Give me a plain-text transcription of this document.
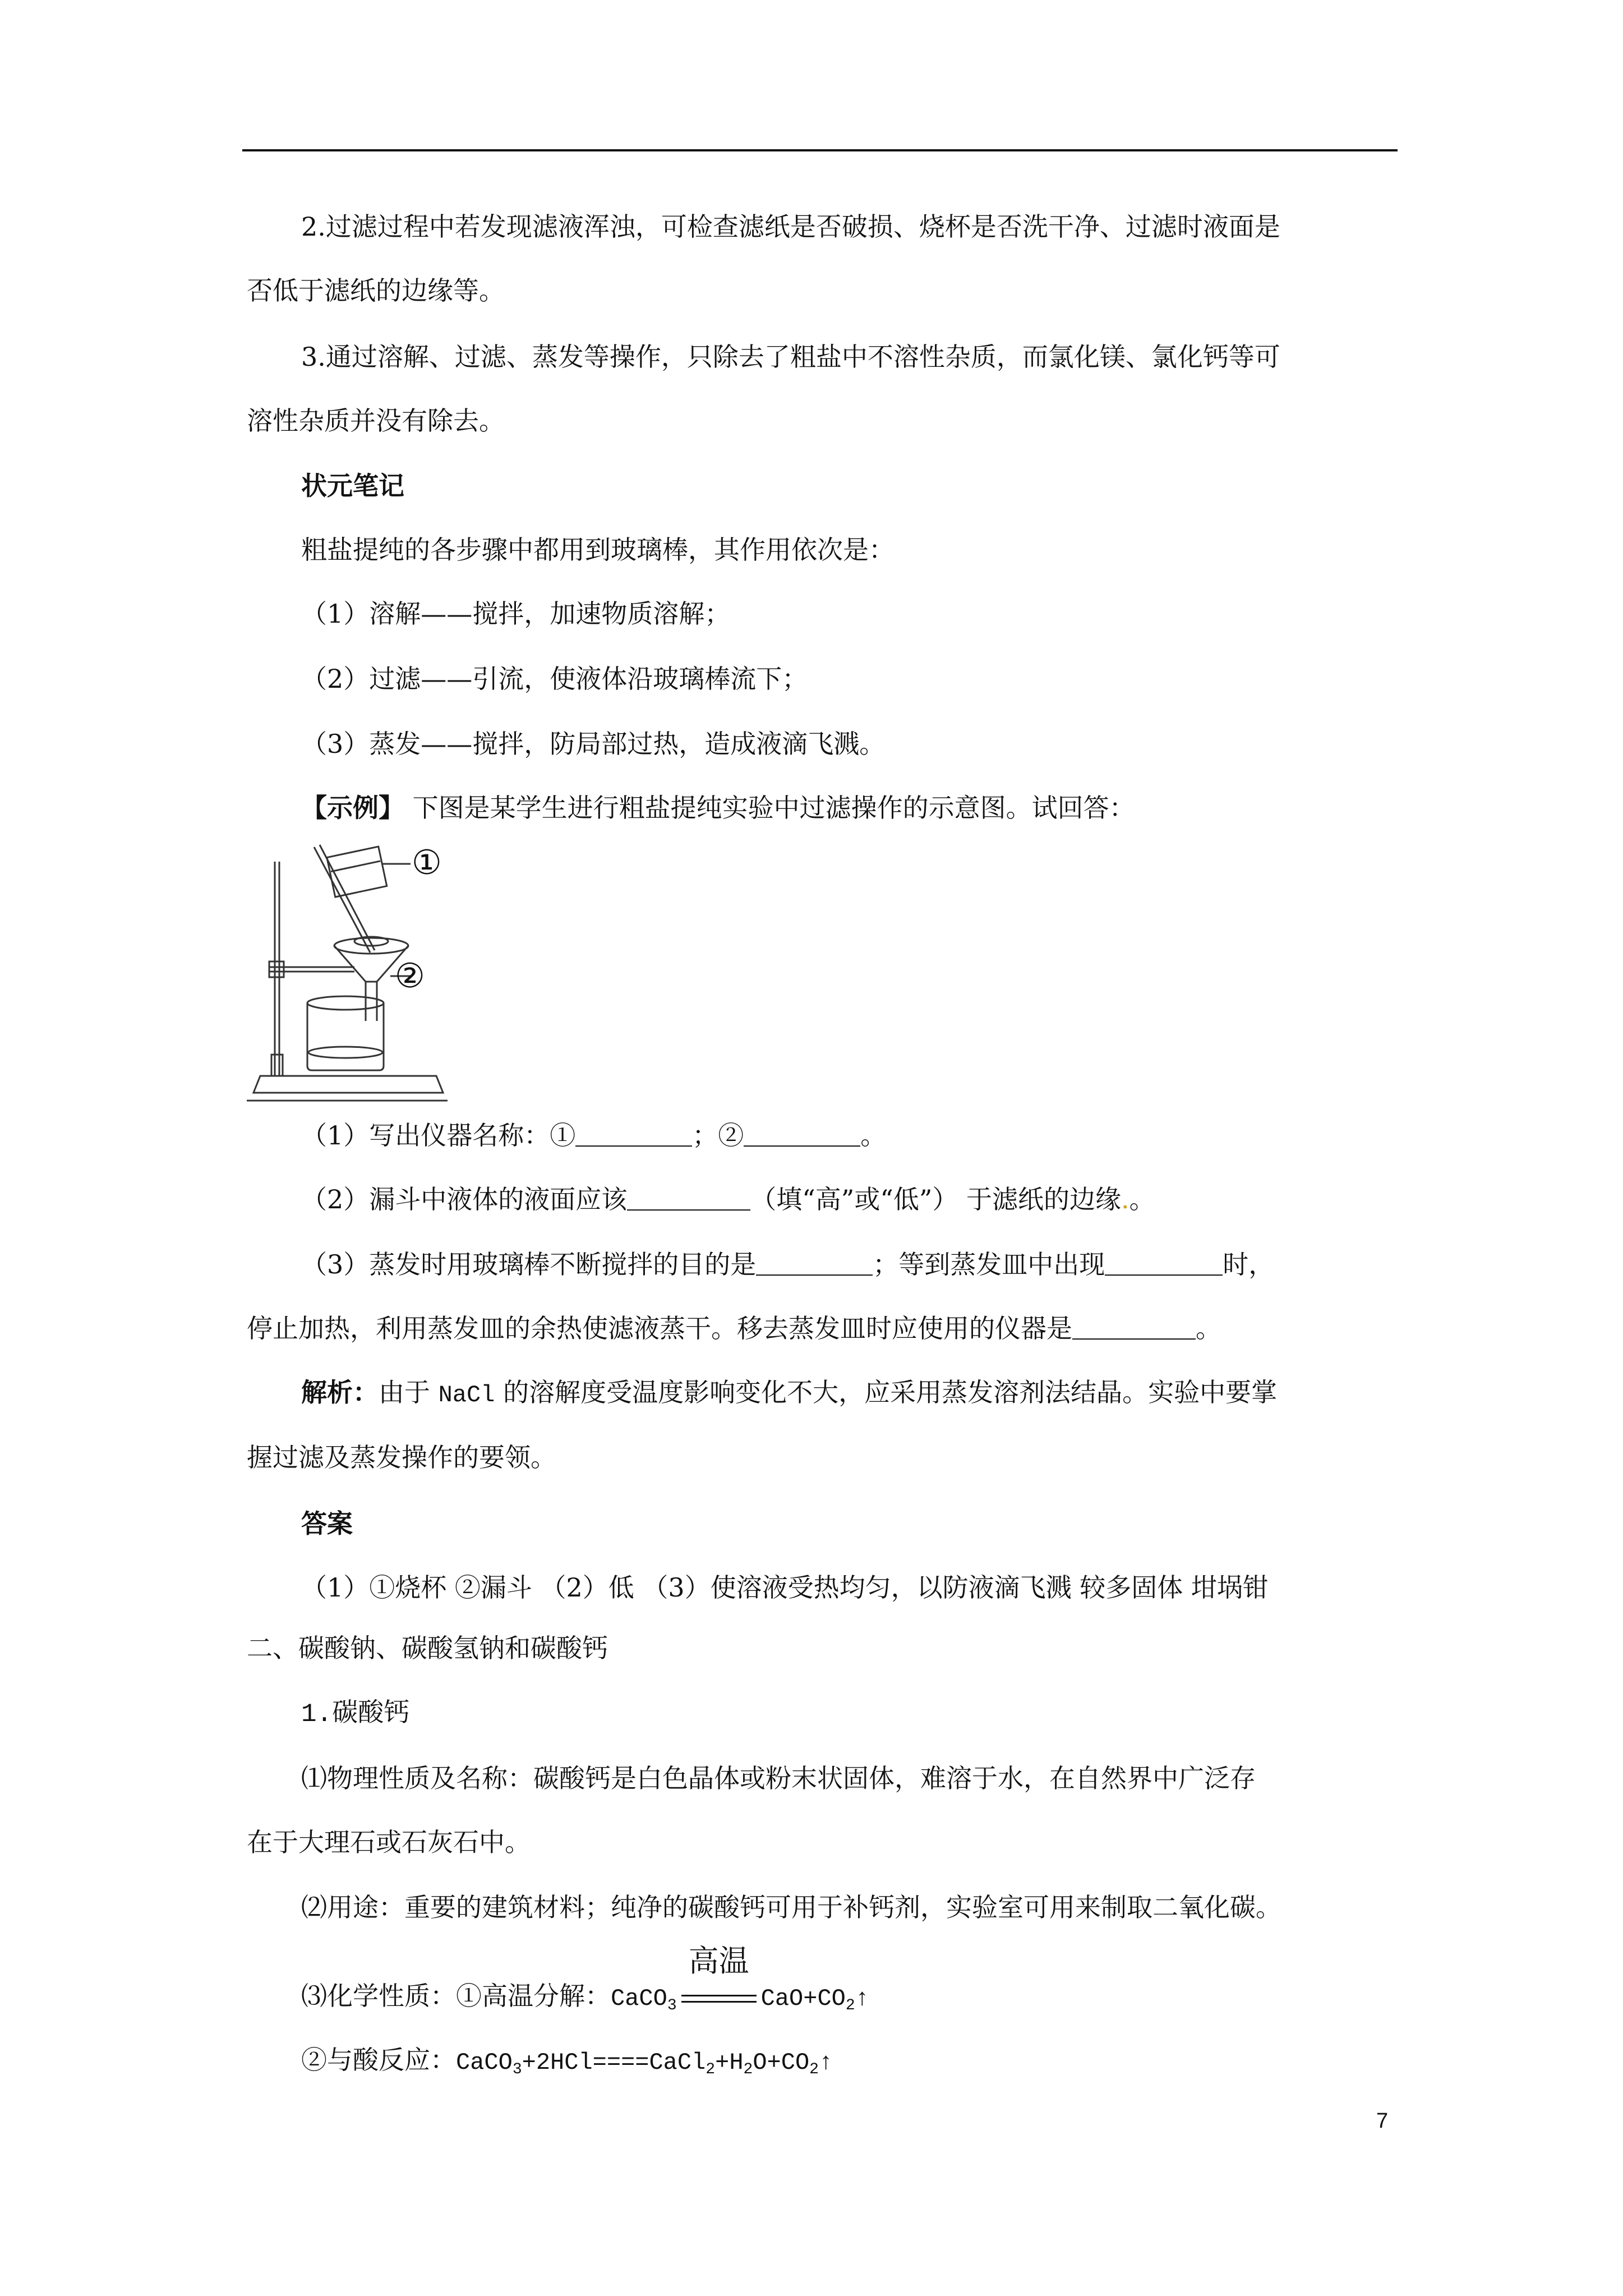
2.过滤过程中若发现滤液浑浊，可检查滤纸是否破损、烧杯是否洗干净、过滤时液面是
否低于滤纸的边缘等。
3.通过溶解、过滤、蒸发等操作，只除去了粗盐中不溶性杂质，而氯化镁、氯化钙等可
溶性杂质并没有除去。
状元笔记
粗盐提纯的各步骤中都用到玻璃棒，其作用依次是：
（1）溶解——搅拌，加速物质溶解；
（2）过滤——引流，使液体沿玻璃棒流下；
（3）蒸发——搅拌，防局部过热，造成液滴飞溅。
【示例】 下图是某学生进行粗盐提纯实验中过滤操作的示意图。试回答：
①
②
（1）写出仪器名称：①	；②	。
（2）漏斗中液体的液面应该	（填“高”或“低”） 于滤纸的边缘.。
（3）蒸发时用玻璃棒不断搅拌的目的是	；等到蒸发皿中出现	时，
停止加热，利用蒸发皿的余热使滤液蒸干。移去蒸发皿时应使用的仪器是	。
解析：由于 NaCl 的溶解度受温度影响变化不大，应采用蒸发溶剂法结晶。实验中要掌
握过滤及蒸发操作的要领。
答案
（1）①烧杯 ②漏斗 （2）低 （3）使溶液受热均匀，以防液滴飞溅 较多固体 坩埚钳
二、碳酸钠、碳酸氢钠和碳酸钙
1.碳酸钙
⑴物理性质及名称：碳酸钙是白色晶体或粉末状固体，难溶于水，在自然界中广泛存
在于大理石或石灰石中。
⑵用途：重要的建筑材料；纯净的碳酸钙可用于补钙剂，实验室可用来制取二氧化碳。
⑶化学性质：①高温分解：CaCO$_3$
高温
$CaO+CO_2↑$
②与酸反应：$CaCO_3+2HCl====CaCl_2+H_2O+CO_2↑$
7
